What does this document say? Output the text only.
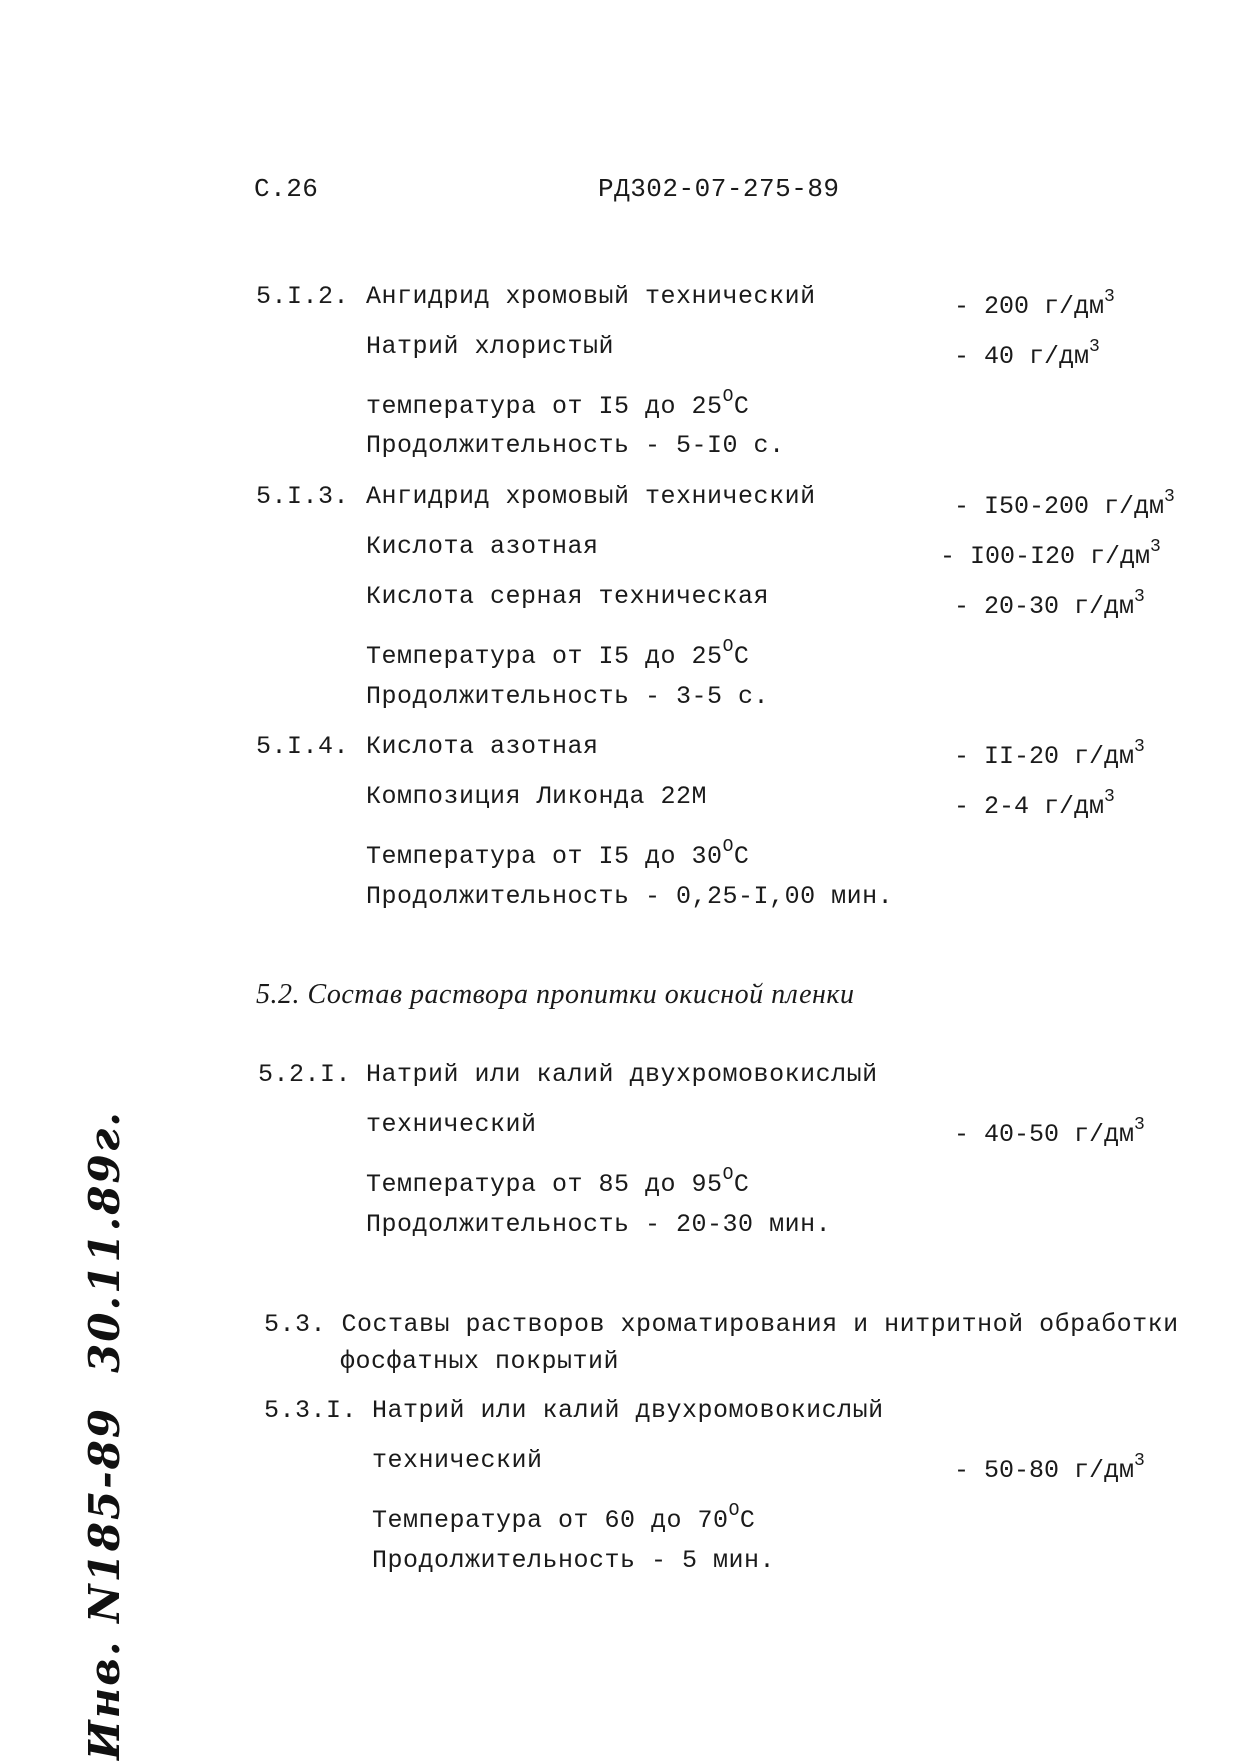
С.26	РД302-07-275-89
5.I.2. Ангидрид хромовый технический	- 200 $г/дм^3$
Натрий хлористый	- 40 $г/дм^3$
температура от I5 до $25^ОС$
Продолжительность - 5-I0 с.
5.I.3. Ангидрид хромовый технический	- I50-200 $г/дм^3$
Кислота азотная	- I00-I20 $г/дм^3$
Кислота серная техническая	- 20-30 $г/дм^3$
Температура от I5 до $25^ОС$
Продолжительность - 3-5 с.
5.I.4. Кислота азотная	- II-20 $г/дм^3$
Композиция Ликонда 22М	- 2-4 $г/дм^3$
Температура от I5 до $30^ОС$
Продолжительность - 0,25-I,00 мин.
5.2. Состав раствора пропитки окисной пленки
5.2.I. Натрий или калий двухромовокислый
технический	- 40-50 $г/дм^3$
Температура от 85 до $95^ОС$
Продолжительность - 20-30 мин.
5.3. Составы растворов хроматирования и нитритной обработки
фосфатных покрытий
5.3.I. Натрий или калий двухромовокислый
технический	- 50-80 $г/дм^3$
Температура от 60 до $70^ОС$
Продолжительность - 5 мин.
Инв. N185-8930.11.89г.
